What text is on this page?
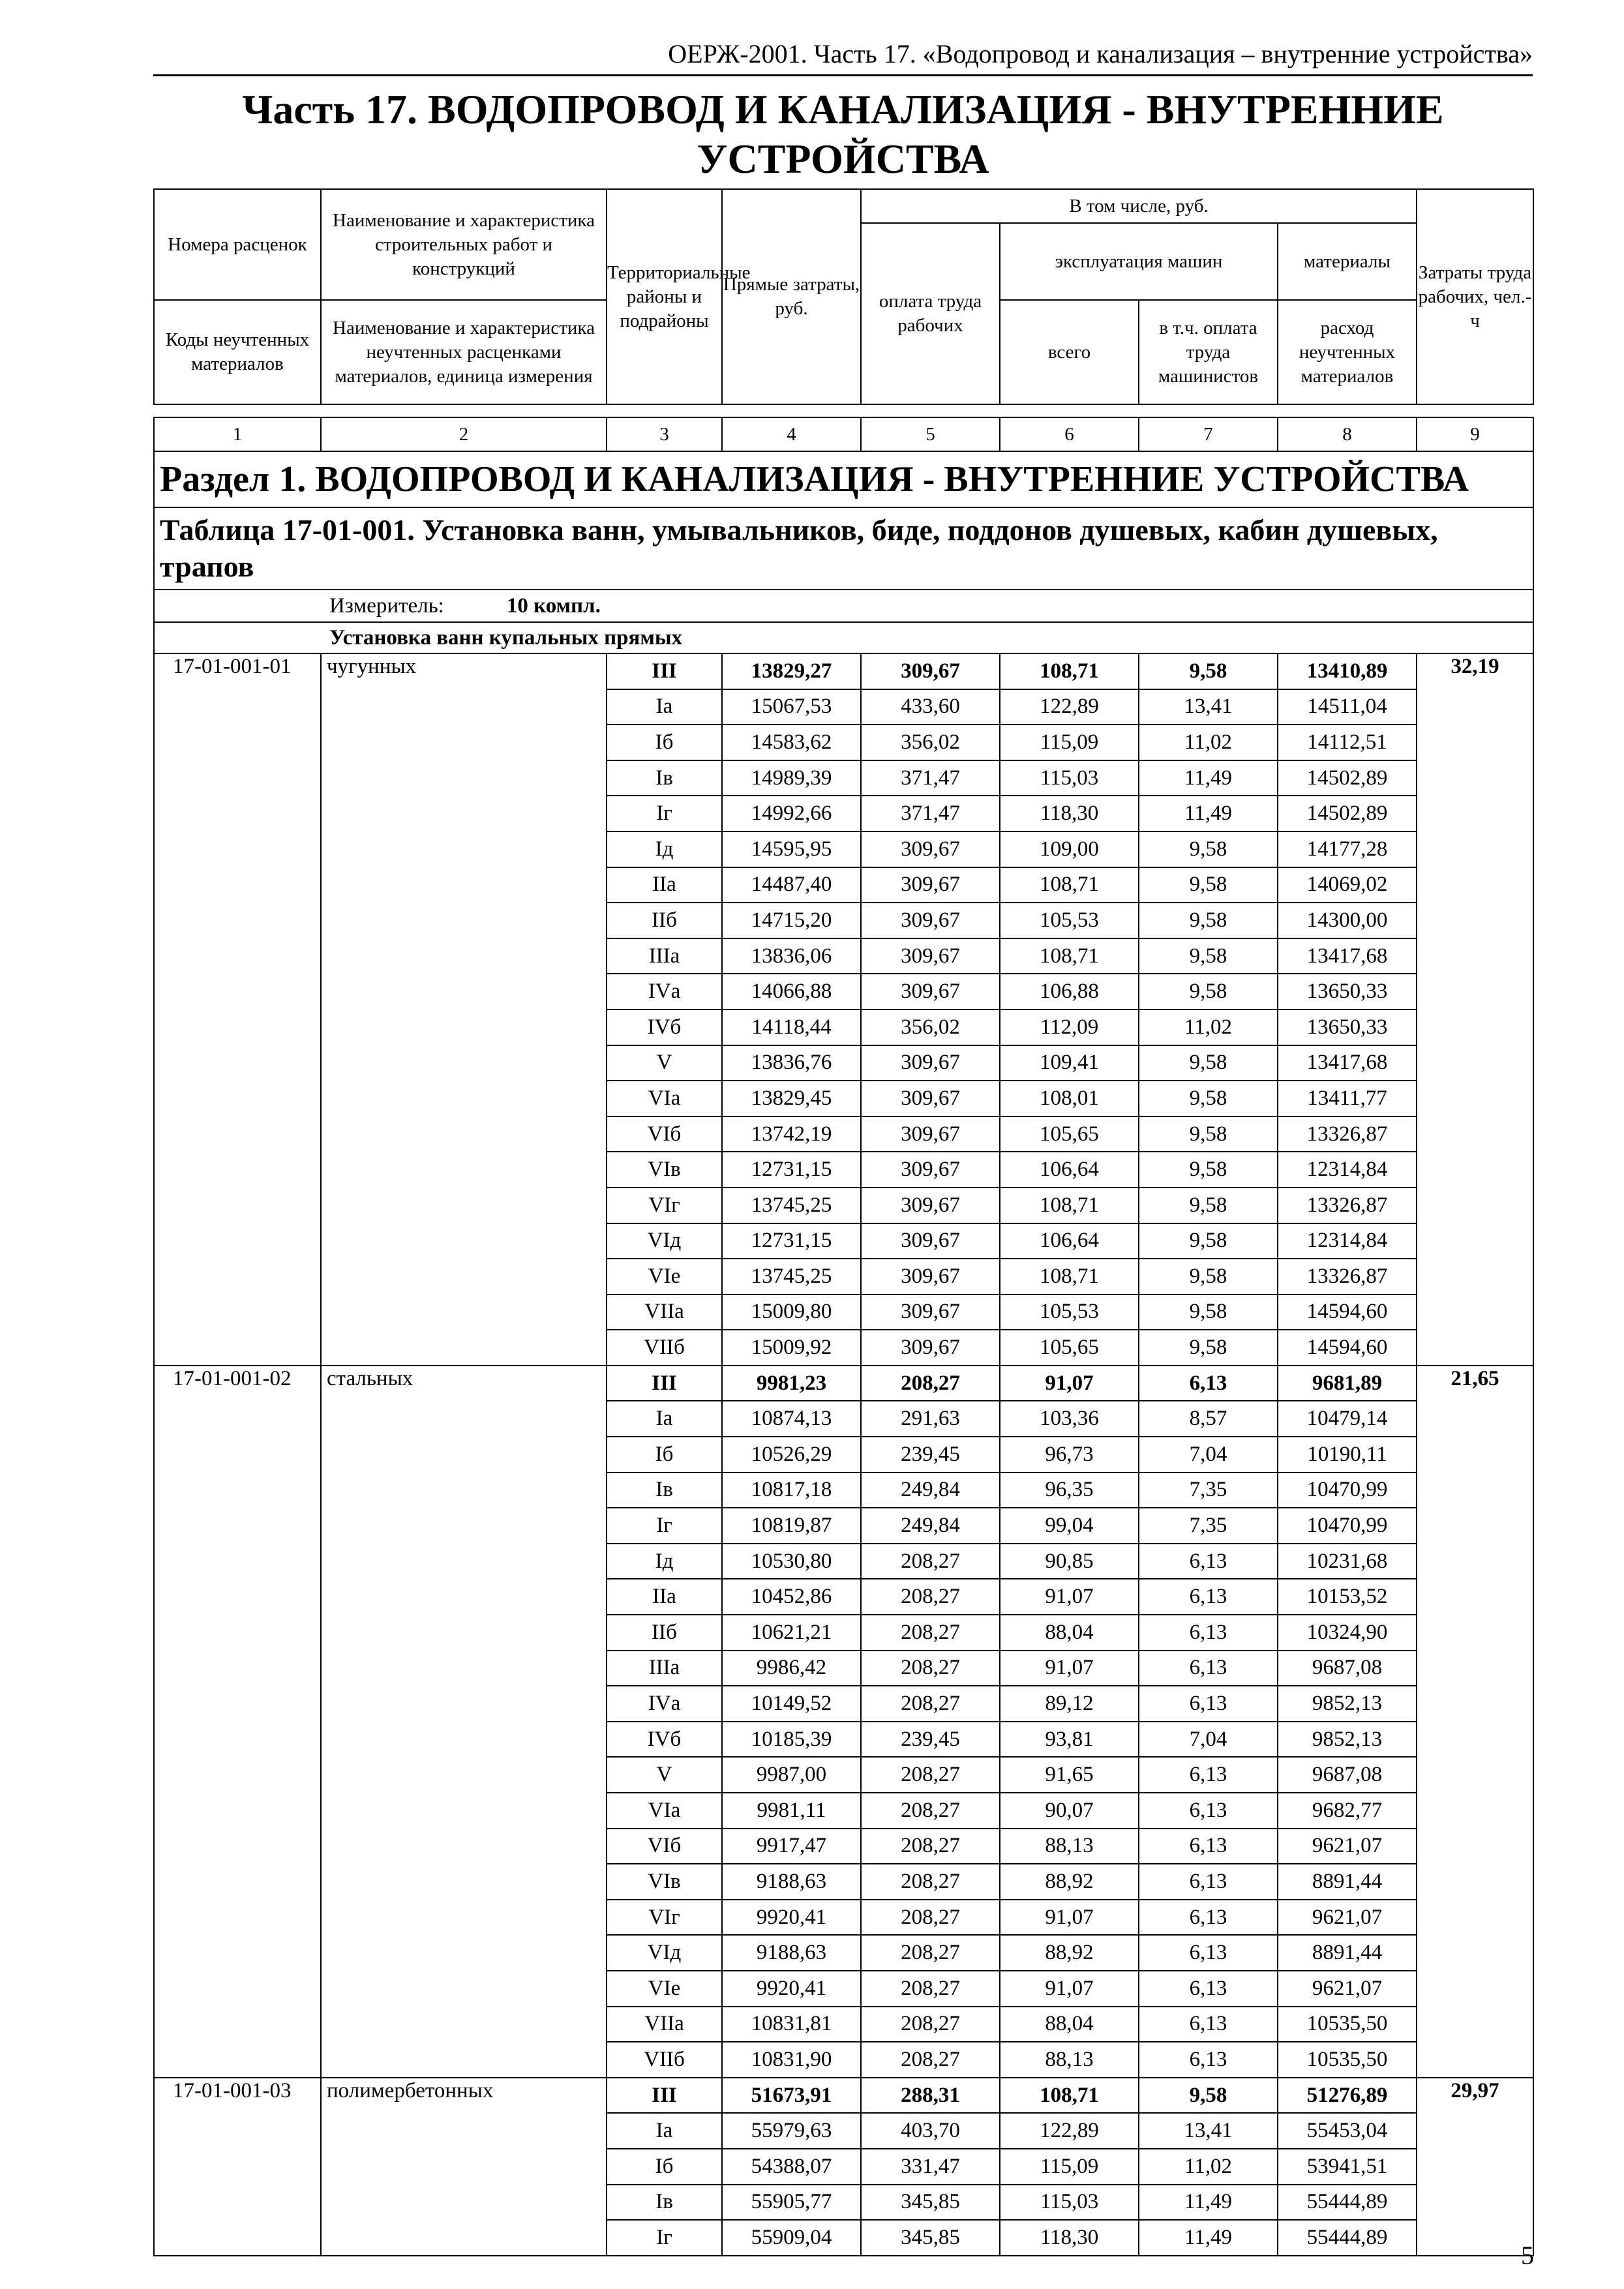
ОЕРЖ-2001. Часть 17. «Водопровод и канализация – внутренние устройства»
Часть 17. ВОДОПРОВОД И КАНАЛИЗАЦИЯ - ВНУТРЕННИЕ
УСТРОЙСТВА
Номера расценок	Наименование и характеристика строительных работ и конструкций	Территориальные районы и подрайоны	Прямые затраты, руб.	В том числе, руб.				Затраты труда рабочих, чел.-ч
				оплата труда рабочих	эксплуатация машин		материалы	
Коды неучтенных материалов	Наименование и характеристика неучтенных расценками материалов, единица измерения				всего	в т.ч. оплата труда машинистов	расход неучтенных материалов	

1	2	3	4	5	6	7	8	9
Раздел 1. ВОДОПРОВОД И КАНАЛИЗАЦИЯ - ВНУТРЕННИЕ УСТРОЙСТВА								
Таблица 17-01-001. Установка ванн, умывальников, биде, поддонов душевых, кабин душевых, трапов								
Измеритель: 10 компл.								
Установка ванн купальных прямых								
17-01-001-01	чугунных	III	13829,27	309,67	108,71	9,58	13410,89	32,19
		Iа	15067,53	433,60	122,89	13,41	14511,04	
		Iб	14583,62	356,02	115,09	11,02	14112,51	
		Iв	14989,39	371,47	115,03	11,49	14502,89	
		Iг	14992,66	371,47	118,30	11,49	14502,89	
		Iд	14595,95	309,67	109,00	9,58	14177,28	
		IIа	14487,40	309,67	108,71	9,58	14069,02	
		IIб	14715,20	309,67	105,53	9,58	14300,00	
		IIIа	13836,06	309,67	108,71	9,58	13417,68	
		IVа	14066,88	309,67	106,88	9,58	13650,33	
		IVб	14118,44	356,02	112,09	11,02	13650,33	
		V	13836,76	309,67	109,41	9,58	13417,68	
		VIа	13829,45	309,67	108,01	9,58	13411,77	
		VIб	13742,19	309,67	105,65	9,58	13326,87	
		VIв	12731,15	309,67	106,64	9,58	12314,84	
		VIг	13745,25	309,67	108,71	9,58	13326,87	
		VIд	12731,15	309,67	106,64	9,58	12314,84	
		VIе	13745,25	309,67	108,71	9,58	13326,87	
		VIIа	15009,80	309,67	105,53	9,58	14594,60	
		VIIб	15009,92	309,67	105,65	9,58	14594,60	
17-01-001-02	стальных	III	9981,23	208,27	91,07	6,13	9681,89	21,65
		Iа	10874,13	291,63	103,36	8,57	10479,14	
		Iб	10526,29	239,45	96,73	7,04	10190,11	
		Iв	10817,18	249,84	96,35	7,35	10470,99	
		Iг	10819,87	249,84	99,04	7,35	10470,99	
		Iд	10530,80	208,27	90,85	6,13	10231,68	
		IIа	10452,86	208,27	91,07	6,13	10153,52	
		IIб	10621,21	208,27	88,04	6,13	10324,90	
		IIIа	9986,42	208,27	91,07	6,13	9687,08	
		IVа	10149,52	208,27	89,12	6,13	9852,13	
		IVб	10185,39	239,45	93,81	7,04	9852,13	
		V	9987,00	208,27	91,65	6,13	9687,08	
		VIа	9981,11	208,27	90,07	6,13	9682,77	
		VIб	9917,47	208,27	88,13	6,13	9621,07	
		VIв	9188,63	208,27	88,92	6,13	8891,44	
		VIг	9920,41	208,27	91,07	6,13	9621,07	
		VIд	9188,63	208,27	88,92	6,13	8891,44	
		VIе	9920,41	208,27	91,07	6,13	9621,07	
		VIIа	10831,81	208,27	88,04	6,13	10535,50	
		VIIб	10831,90	208,27	88,13	6,13	10535,50	
17-01-001-03	полимербетонных	III	51673,91	288,31	108,71	9,58	51276,89	29,97
		Iа	55979,63	403,70	122,89	13,41	55453,04	
		Iб	54388,07	331,47	115,09	11,02	53941,51	
		Iв	55905,77	345,85	115,03	11,49	55444,89	
		Iг	55909,04	345,85	118,30	11,49	55444,89	
5
